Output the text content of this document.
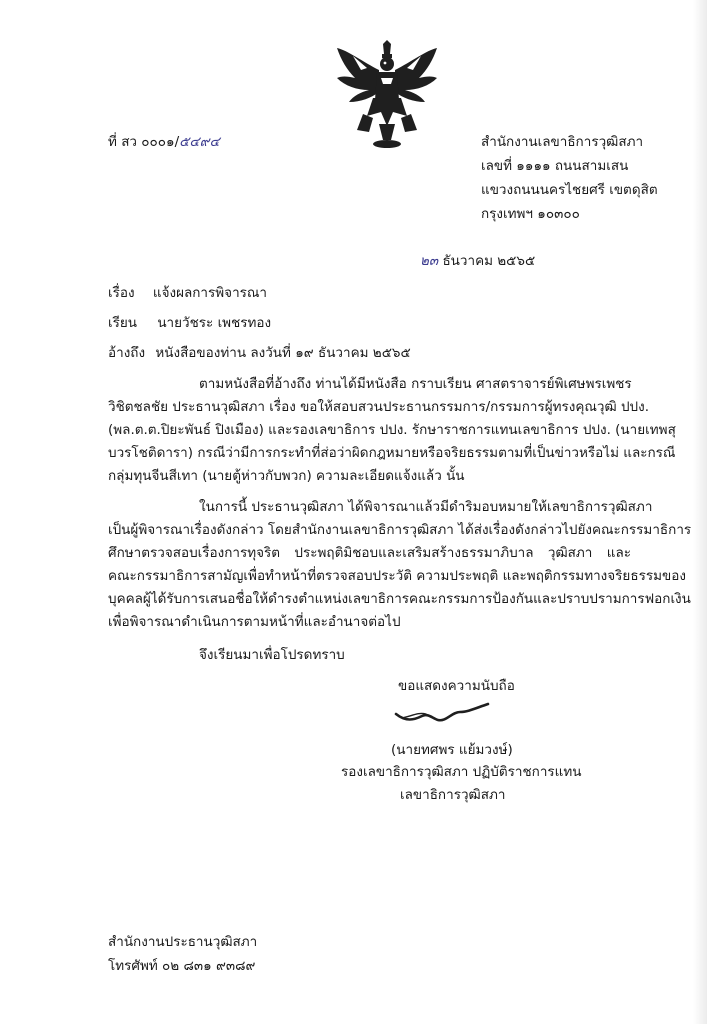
ที่ สว ๐๐๐๑/๕๔๙๔	สำนักงานเลขาธิการวุฒิสภา
เลขที่ ๑๑๑๑ ถนนสามเสน
แขวงถนนนครไชยศรี เขตดุสิต
กรุงเทพฯ ๑๐๓๐๐
๒๓ ธันวาคม ๒๕๖๕
เรื่อง แจ้งผลการพิจารณา
เรียน นายวัชระ เพชรทอง
อ้างถึง หนังสือของท่าน ลงวันที่ ๑๙ ธันวาคม ๒๕๖๕
ตามหนังสือที่อ้างถึง ท่านได้มีหนังสือ กราบเรียน ศาสตราจารย์พิเศษพรเพชร
วิชิตชลชัย ประธานวุฒิสภา เรื่อง ขอให้สอบสวนประธานกรรมการ/กรรมการผู้ทรงคุณวุฒิ ปปง.
(พล.ต.ต.ปิยะพันธ์ ปิงเมือง) และรองเลขาธิการ ปปง. รักษาราชการแทนเลขาธิการ ปปง. (นายเทพสุ
บวรโชติดารา) กรณีว่ามีการกระทำที่ส่อว่าผิดกฎหมายหรือจริยธรรมตามที่เป็นข่าวหรือไม่ และกรณี
กลุ่มทุนจีนสีเทา (นายตู้ห่าวกับพวก) ความละเอียดแจ้งแล้ว นั้น
ในการนี้ ประธานวุฒิสภา ได้พิจารณาแล้วมีดำริมอบหมายให้เลขาธิการวุฒิสภา
เป็นผู้พิจารณาเรื่องดังกล่าว โดยสำนักงานเลขาธิการวุฒิสภา ได้ส่งเรื่องดังกล่าวไปยังคณะกรรมาธิการ
ศึกษาตรวจสอบเรื่องการทุจริต ประพฤติมิชอบและเสริมสร้างธรรมาภิบาล วุฒิสภา และ
คณะกรรมาธิการสามัญเพื่อทำหน้าที่ตรวจสอบประวัติ ความประพฤติ และพฤติกรรมทางจริยธรรมของ
บุคคลผู้ได้รับการเสนอชื่อให้ดำรงตำแหน่งเลขาธิการคณะกรรมการป้องกันและปราบปรามการฟอกเงิน
เพื่อพิจารณาดำเนินการตามหน้าที่และอำนาจต่อไป
จึงเรียนมาเพื่อโปรดทราบ
ขอแสดงความนับถือ
(นายทศพร แย้มวงษ์)
รองเลขาธิการวุฒิสภา ปฏิบัติราชการแทน
เลขาธิการวุฒิสภา
สำนักงานประธานวุฒิสภา
โทรศัพท์ ๐๒ ๘๓๑ ๙๓๘๙
